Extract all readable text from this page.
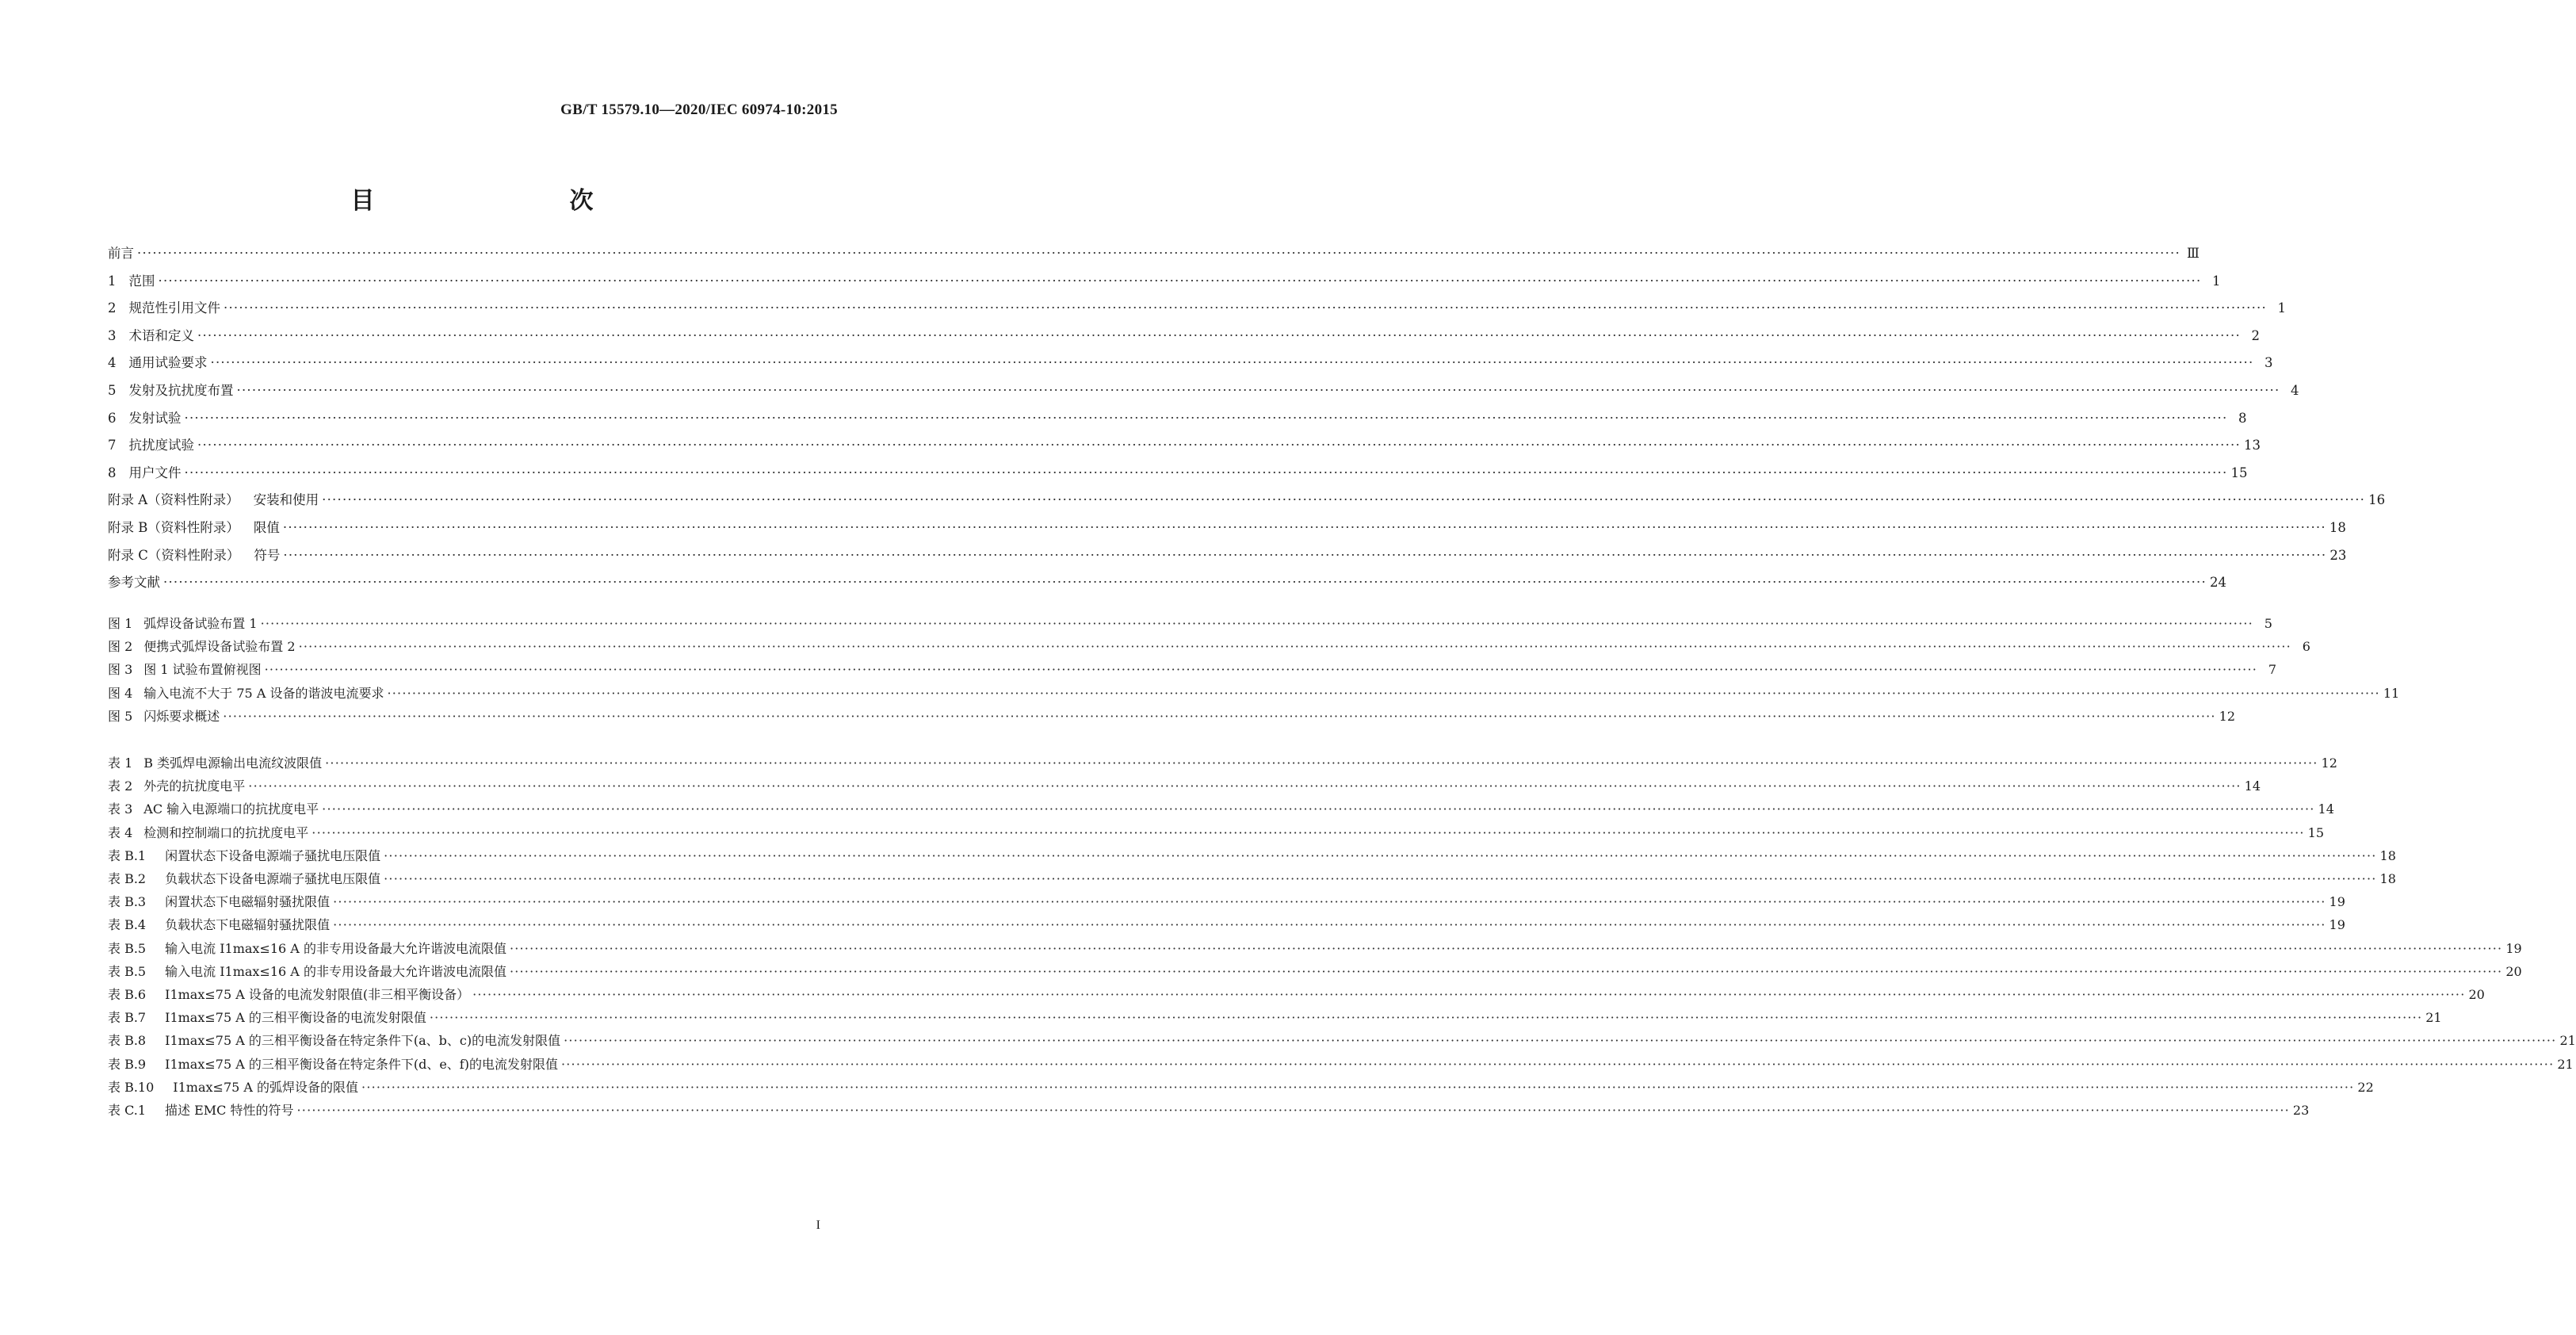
GB/T 15579.10—2020/IEC 60974-10:2015
目　　次
前言 ················································································································································································································································································································································································································ Ⅲ
1 范围 ················································································································································································································································································································································································································ 1
2 规范性引用文件 ················································································································································································································································································································································································································ 1
3 术语和定义 ················································································································································································································································································································································································································ 2
4 通用试验要求 ················································································································································································································································································································································································································ 3
5 发射及抗扰度布置 ················································································································································································································································································································································································································ 4
6 发射试验 ················································································································································································································································································································································································································ 8
7 抗扰度试验 ················································································································································································································································································································································································································ 13
8 用户文件 ················································································································································································································································································································································································································ 15
附录 A（资料性附录） 安装和使用 ················································································································································································································································································································································································································ 16
附录 B（资料性附录） 限值 ················································································································································································································································································································································································································ 18
附录 C（资料性附录） 符号 ················································································································································································································································································································································································································ 23
参考文献 ················································································································································································································································································································································································································ 24
图 1 弧焊设备试验布置 1 ················································································································································································································································································································································································································ 5
图 2 便携式弧焊设备试验布置 2 ················································································································································································································································································································································································································ 6
图 3 图 1 试验布置俯视图 ················································································································································································································································································································································································································ 7
图 4 输入电流不大于 75 A 设备的谐波电流要求 ················································································································································································································································································································································································································ 11
图 5 闪烁要求概述 ················································································································································································································································································································································································································ 12
表 1 B 类弧焊电源输出电流纹波限值 ················································································································································································································································································································································································································ 12
表 2 外壳的抗扰度电平 ················································································································································································································································································································································································································ 14
表 3 AC 输入电源端口的抗扰度电平 ················································································································································································································································································································································································································ 14
表 4 检测和控制端口的抗扰度电平 ················································································································································································································································································································································································································ 15
表 B.1 闲置状态下设备电源端子骚扰电压限值 ················································································································································································································································································································································································································ 18
表 B.2 负载状态下设备电源端子骚扰电压限值 ················································································································································································································································································································································································································ 18
表 B.3 闲置状态下电磁辐射骚扰限值 ················································································································································································································································································································································································································ 19
表 B.4 负载状态下电磁辐射骚扰限值 ················································································································································································································································································································································································································ 19
表 B.5 输入电流 I1max≤16 A 的非专用设备最大允许谐波电流限值 ················································································································································································································································································································································································································ 19
表 B.5 输入电流 I1max≤16 A 的非专用设备最大允许谐波电流限值 ················································································································································································································································································································································································································ 20
表 B.6 I1max≤75 A 设备的电流发射限值(非三相平衡设备） ················································································································································································································································································································································································································ 20
表 B.7 I1max≤75 A 的三相平衡设备的电流发射限值 ················································································································································································································································································································································································································ 21
表 B.8 I1max≤75 A 的三相平衡设备在特定条件下(a、b、c)的电流发射限值 ················································································································································································································································································································································································································ 21
表 B.9 I1max≤75 A 的三相平衡设备在特定条件下(d、e、f)的电流发射限值 ················································································································································································································································································································································································································ 21
表 B.10 I1max≤75 A 的弧焊设备的限值 ················································································································································································································································································································································································································ 22
表 C.1 描述 EMC 特性的符号 ················································································································································································································································································································································································································ 23
I
